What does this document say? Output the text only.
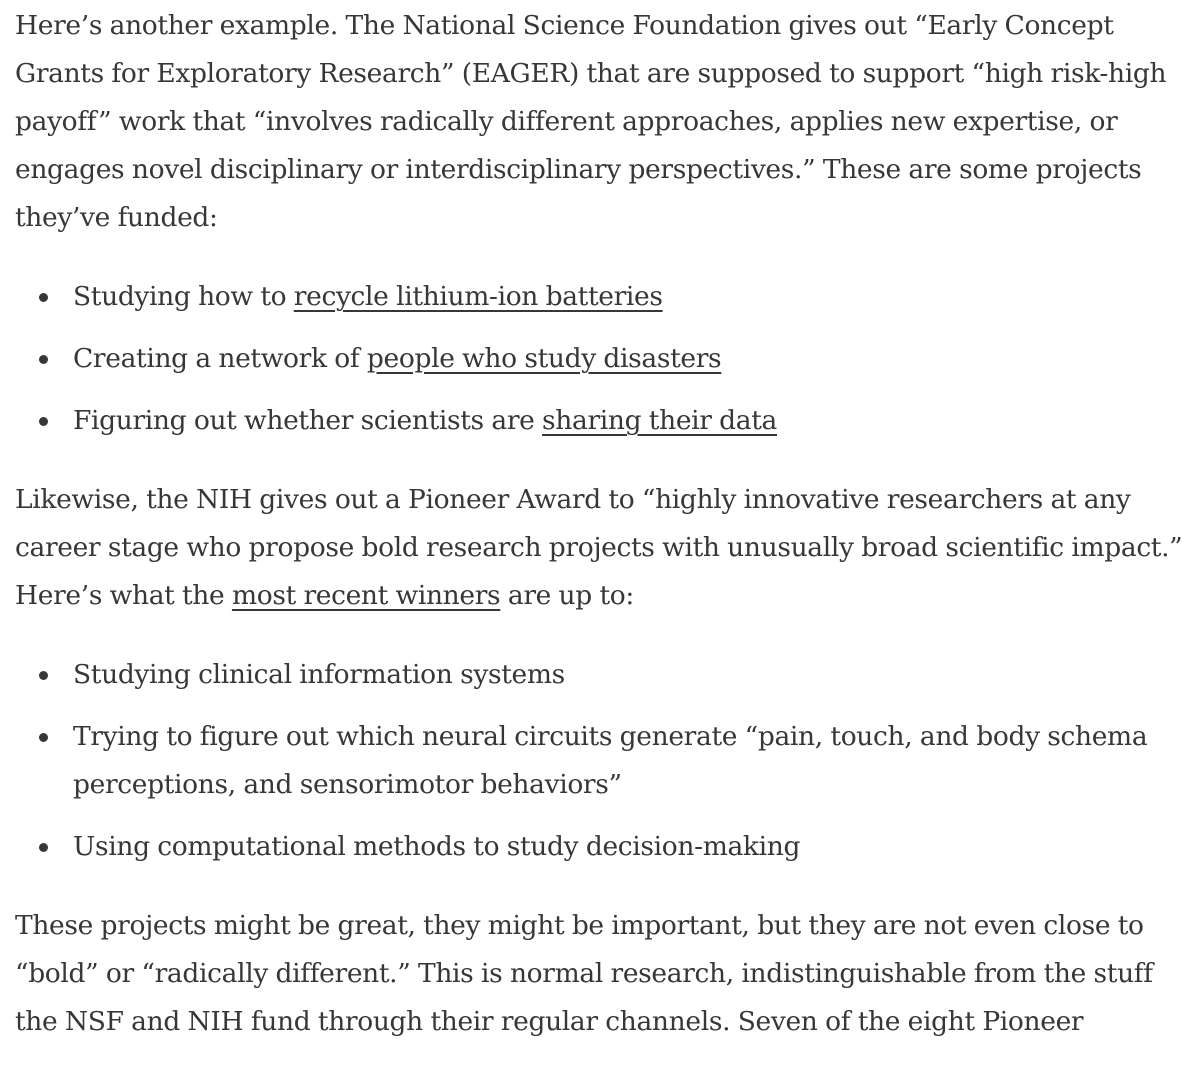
Here’s another example. The National Science Foundation gives out “Early Concept Grants for Exploratory Research” (EAGER) that are supposed to support “high risk-high payoff” work that “involves radically different approaches, applies new expertise, or engages novel disciplinary or interdisciplinary perspectives.” These are some projects they’ve funded:

Studying how to recycle lithium-ion batteries
Creating a network of people who study disasters
Figuring out whether scientists are sharing their data

Likewise, the NIH gives out a Pioneer Award to “highly innovative researchers at any career stage who propose bold research projects with unusually broad scientific impact.” Here’s what the most recent winners are up to:

Studying clinical information systems
Trying to figure out which neural circuits generate “pain, touch, and body schema perceptions, and sensorimotor behaviors”
Using computational methods to study decision-making

These projects might be great, they might be important, but they are not even close to “bold” or “radically different.” This is normal research, indistinguishable from the stuff the NSF and NIH fund through their regular channels. Seven of the eight Pioneer
